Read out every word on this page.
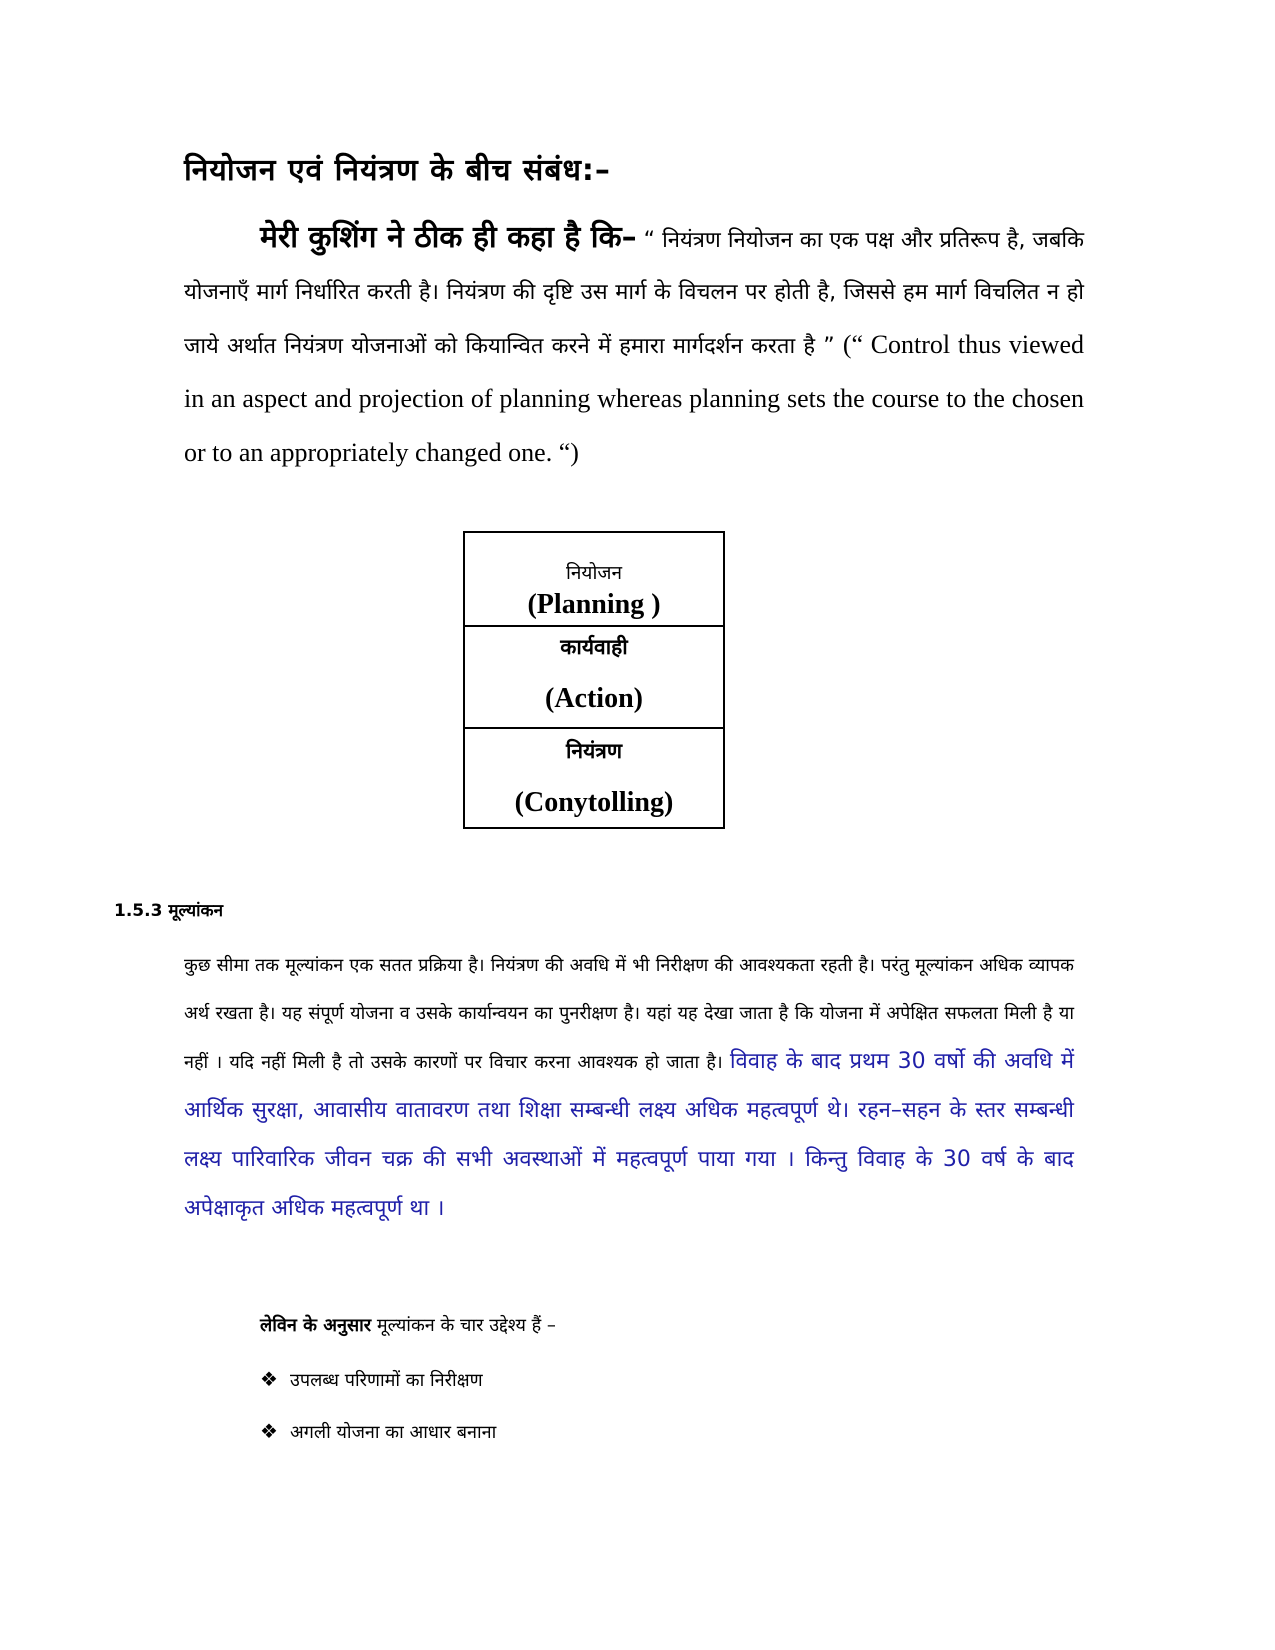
नियोजन एवं नियंत्रण के बीच संबंध:–
मेरी कुशिंग ने ठीक ही कहा है कि– “ नियंत्रण नियोजन का एक पक्ष और प्रतिरूप है, जबकि योजनाएँ मार्ग निर्धारित करती है। नियंत्रण की दृष्टि उस मार्ग के विचलन पर होती है, जिससे हम मार्ग विचलित न हो जाये अर्थात नियंत्रण योजनाओं को कियान्वित करने में हमारा मार्गदर्शन करता है ” (“ Control thus viewed in an aspect and projection of planning whereas planning sets the course to the chosen or to an appropriately changed one. “)
नियोजन
(Planning )
कार्यवाही
(Action)
नियंत्रण
(Conytolling)
1.5.3 मूल्यांकन
कुछ सीमा तक मूल्यांकन एक सतत प्रक्रिया है। नियंत्रण की अवधि में भी निरीक्षण की आवश्यकता रहती है। परंतु मूल्यांकन अधिक व्यापक अर्थ रखता है। यह संपूर्ण योजना व उसके कार्यान्वयन का पुनरीक्षण है। यहां यह देखा जाता है कि योजना में अपेक्षित सफलता मिली है या नहीं । यदि नहीं मिली है तो उसके कारणों पर विचार करना आवश्यक हो जाता है। विवाह के बाद प्रथम 30 वर्षो की अवधि में आर्थिक सुरक्षा, आवासीय वातावरण तथा शिक्षा सम्बन्धी लक्ष्य अधिक महत्वपूर्ण थे। रहन–सहन के स्तर सम्बन्धी लक्ष्य पारिवारिक जीवन चक्र की सभी अवस्थाओं में महत्वपूर्ण पाया गया । किन्तु विवाह के 30 वर्ष के बाद अपेक्षाकृत अधिक महत्वपूर्ण था ।
लेविन के अनुसार मूल्यांकन के चार उद्देश्य हैं –
❖ उपलब्ध परिणामों का निरीक्षण
❖ अगली योजना का आधार बनाना
